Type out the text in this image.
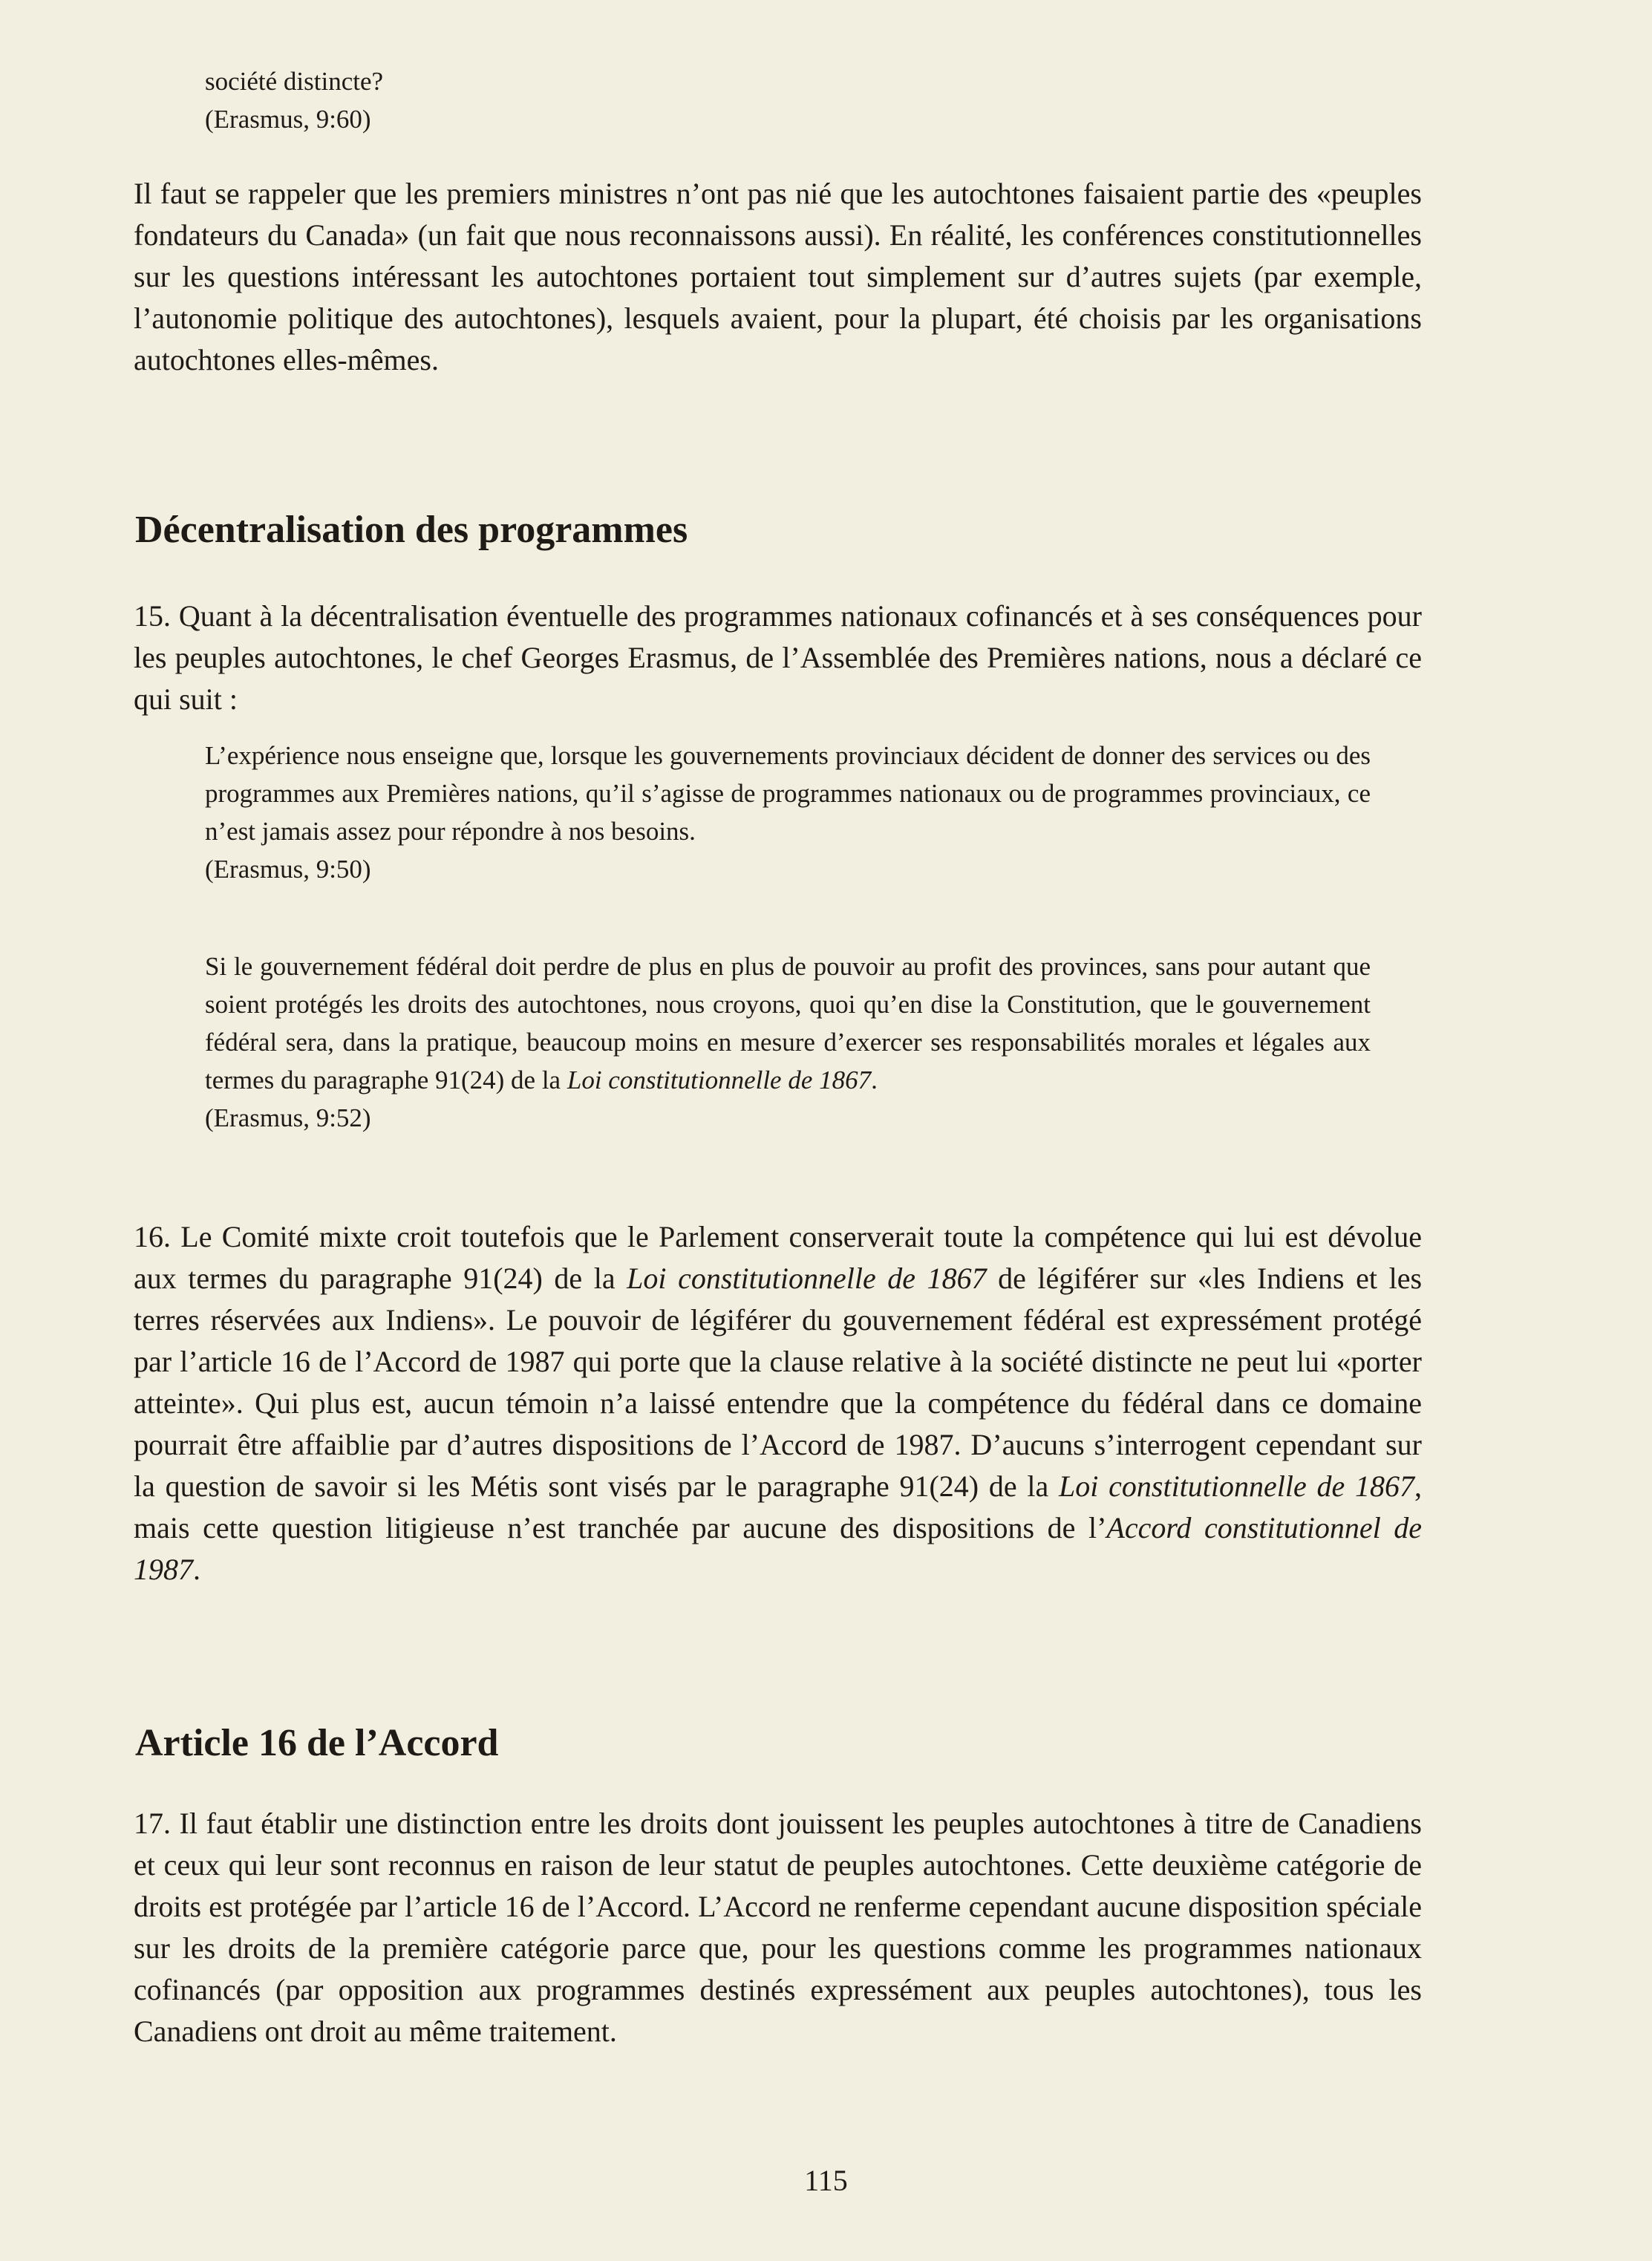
société distincte?

(Erasmus, 9:60)

Il faut se rappeler que les premiers ministres n’ont pas nié que les autochtones faisaient partie des «peuples fondateurs du Canada» (un fait que nous reconnaissons aussi). En réalité, les conférences constitutionnelles sur les questions intéressant les autochtones portaient tout simplement sur d’autres sujets (par exemple, l’autonomie politique des autochtones), lesquels avaient, pour la plupart, été choisis par les organisations autochtones elles-mêmes.

Décentralisation des programmes

15. Quant à la décentralisation éventuelle des programmes nationaux cofinancés et à ses conséquences pour les peuples autochtones, le chef Georges Erasmus, de l’Assemblée des Premières nations, nous a déclaré ce qui suit :

L’expérience nous enseigne que, lorsque les gouvernements provinciaux décident de donner des services ou des programmes aux Premières nations, qu’il s’agisse de programmes nationaux ou de programmes provinciaux, ce n’est jamais assez pour répondre à nos besoins.

(Erasmus, 9:50)

Si le gouvernement fédéral doit perdre de plus en plus de pouvoir au profit des provinces, sans pour autant que soient protégés les droits des autochtones, nous croyons, quoi qu’en dise la Constitution, que le gouvernement fédéral sera, dans la pratique, beaucoup moins en mesure d’exercer ses responsabilités morales et légales aux termes du paragraphe 91(24) de la Loi constitutionnelle de 1867.

(Erasmus, 9:52)

16. Le Comité mixte croit toutefois que le Parlement conserverait toute la compétence qui lui est dévolue aux termes du paragraphe 91(24) de la Loi constitutionnelle de 1867 de légiférer sur «les Indiens et les terres réservées aux Indiens». Le pouvoir de légiférer du gouvernement fédéral est expressément protégé par l’article 16 de l’Accord de 1987 qui porte que la clause relative à la société distincte ne peut lui «porter atteinte». Qui plus est, aucun témoin n’a laissé entendre que la compétence du fédéral dans ce domaine pourrait être affaiblie par d’autres dispositions de l’Accord de 1987. D’aucuns s’interrogent cependant sur la question de savoir si les Métis sont visés par le paragraphe 91(24) de la Loi constitutionnelle de 1867, mais cette question litigieuse n’est tranchée par aucune des dispositions de l’Accord constitutionnel de 1987.

Article 16 de l’Accord

17. Il faut établir une distinction entre les droits dont jouissent les peuples autochtones à titre de Canadiens et ceux qui leur sont reconnus en raison de leur statut de peuples autochtones. Cette deuxième catégorie de droits est protégée par l’article 16 de l’Accord. L’Accord ne renferme cependant aucune disposition spéciale sur les droits de la première catégorie parce que, pour les questions comme les programmes nationaux cofinancés (par opposition aux programmes destinés expressément aux peuples autochtones), tous les Canadiens ont droit au même traitement.

115
